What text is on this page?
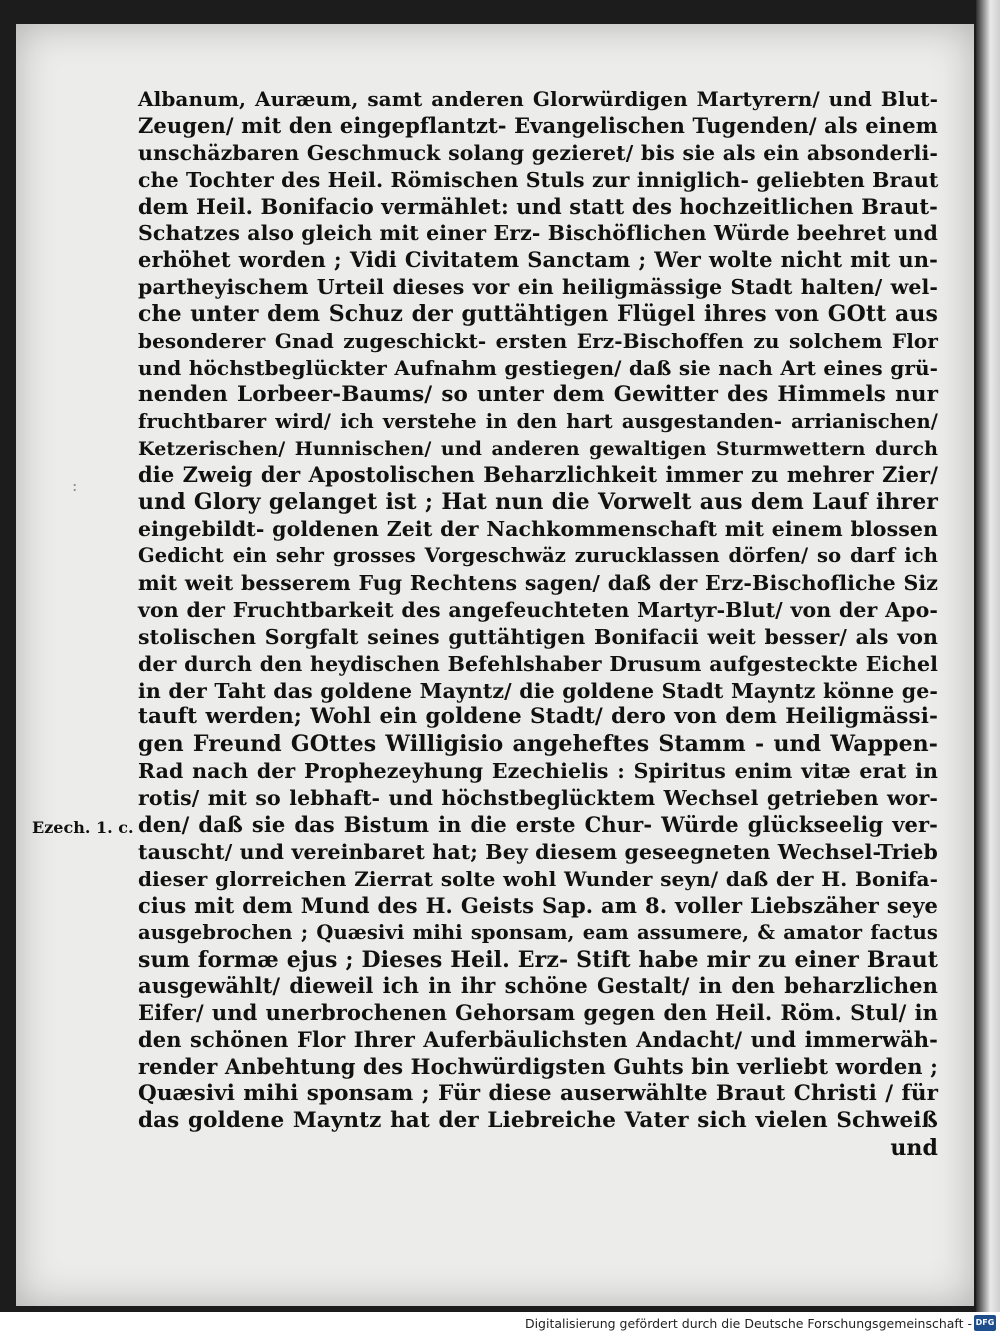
:
Ezech. 1. c.
Albanum, Auræum, samt anderen Glorwürdigen Martyrern/ und Blut-
Zeugen/ mit den eingepflantzt- Evangelischen Tugenden/ als einem
unschäzbaren Geschmuck solang gezieret/ bis sie als ein absonderli-
che Tochter des Heil. Römischen Stuls zur inniglich- geliebten Braut
dem Heil. Bonifacio vermählet: und statt des hochzeitlichen Braut-
Schatzes also gleich mit einer Erz- Bischöflichen Würde beehret und
erhöhet worden ; Vidi Civitatem Sanctam ; Wer wolte nicht mit un-
partheyischem Urteil dieses vor ein heiligmässige Stadt halten/ wel-
che unter dem Schuz der guttähtigen Flügel ihres von GOtt aus
besonderer Gnad zugeschickt- ersten Erz-Bischoffen zu solchem Flor
und höchstbeglückter Aufnahm gestiegen/ daß sie nach Art eines grü-
nenden Lorbeer-Baums/ so unter dem Gewitter des Himmels nur
fruchtbarer wird/ ich verstehe in den hart ausgestanden- arrianischen/
Ketzerischen/ Hunnischen/ und anderen gewaltigen Sturmwettern durch
die Zweig der Apostolischen Beharzlichkeit immer zu mehrer Zier/
und Glory gelanget ist ; Hat nun die Vorwelt aus dem Lauf ihrer
eingebildt- goldenen Zeit der Nachkommenschaft mit einem blossen
Gedicht ein sehr grosses Vorgeschwäz zurucklassen dörfen/ so darf ich
mit weit besserem Fug Rechtens sagen/ daß der Erz-Bischofliche Siz
von der Fruchtbarkeit des angefeuchteten Martyr-Blut/ von der Apo-
stolischen Sorgfalt seines guttähtigen Bonifacii weit besser/ als von
der durch den heydischen Befehlshaber Drusum aufgesteckte Eichel
in der Taht das goldene Mayntz/ die goldene Stadt Mayntz könne ge-
tauft werden; Wohl ein goldene Stadt/ dero von dem Heiligmässi-
gen Freund GOttes Willigisio angeheftes Stamm - und Wappen-
Rad nach der Prophezeyhung Ezechielis : Spiritus enim vitæ erat in
rotis/ mit so lebhaft- und höchstbeglücktem Wechsel getrieben wor-
den/ daß sie das Bistum in die erste Chur- Würde glückseelig ver-
tauscht/ und vereinbaret hat; Bey diesem geseegneten Wechsel-Trieb
dieser glorreichen Zierrat solte wohl Wunder seyn/ daß der H. Bonifa-
cius mit dem Mund des H. Geists Sap. am 8. voller Liebszäher seye
ausgebrochen ; Quæsivi mihi sponsam, eam assumere, & amator factus
sum formæ ejus ; Dieses Heil. Erz- Stift habe mir zu einer Braut
ausgewählt/ dieweil ich in ihr schöne Gestalt/ in den beharzlichen
Eifer/ und unerbrochenen Gehorsam gegen den Heil. Röm. Stul/ in
den schönen Flor Ihrer Auferbäulichsten Andacht/ und immerwäh-
render Anbehtung des Hochwürdigsten Guhts bin verliebt worden ;
Quæsivi mihi sponsam ; Für diese auserwählte Braut Christi / für
das goldene Mayntz hat der Liebreiche Vater sich vielen Schweiß
und
Digitalisierung gefördert durch die Deutsche Forschungsgemeinschaft - DFG
